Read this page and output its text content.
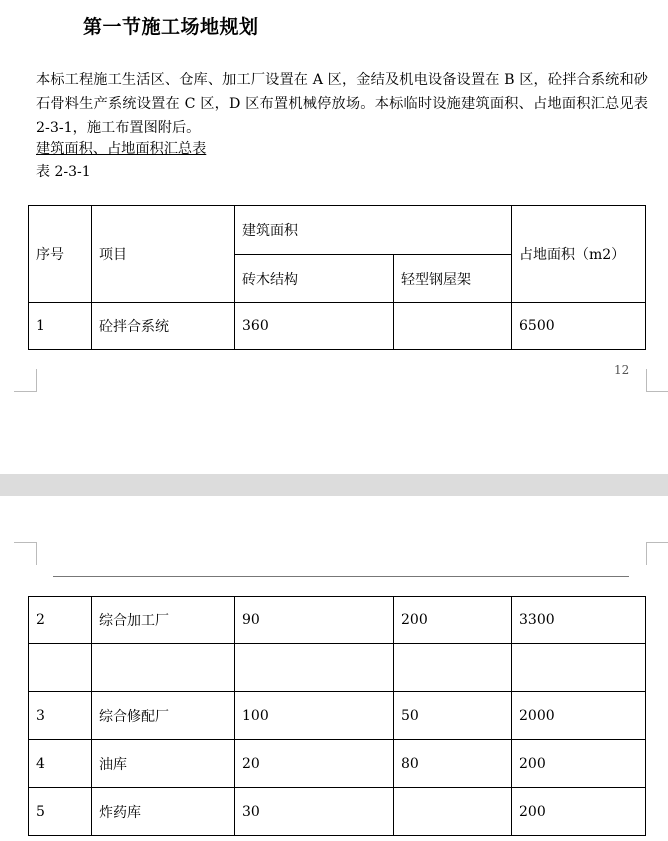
第一节施工场地规划
本标工程施工生活区、仓库、加工厂设置在 A 区，金结及机电设备设置在 B 区，砼拌合系统和砂石骨料生产系统设置在 C 区，D 区布置机械停放场。本标临时设施建筑面积、占地面积汇总见表 2-3-1，施工布置图附后。
建筑面积、占地面积汇总表
表 2-3-1
序号	项目	建筑面积		占地面积（m2）
		砖木结构	轻型钢屋架	
1	砼拌合系统	360		6500
12
2	综合加工厂	90	200	3300

3	综合修配厂	100	50	2000
4	油库	20	80	200
5	炸药库	30		200
